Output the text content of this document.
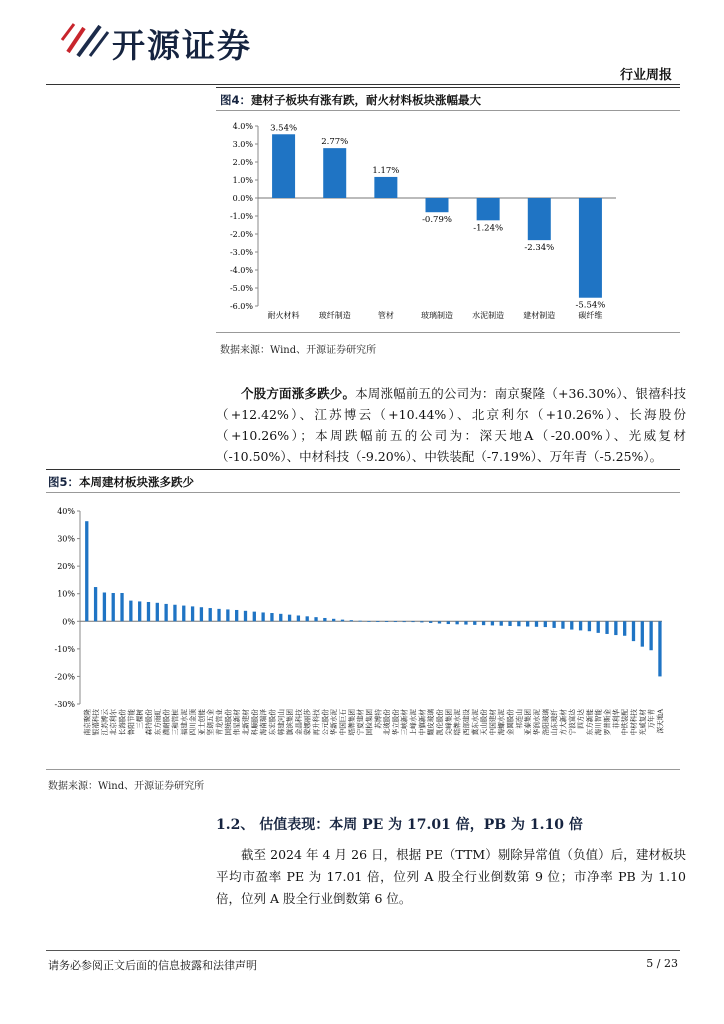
开源证券
行业周报
图4：建材子板块有涨有跌，耐火材料板块涨幅最大
4.0%
3.0%
2.0%
1.0%
0.0%
-1.0%
-2.0%
-3.0%
-4.0%
-5.0%
-6.0%
3.54%
耐火材料
2.77%
玻纤制造
1.17%
管材
-0.79%
玻璃制造
-1.24%
水泥制造
-2.34%
建材制造
-5.54%
碳纤维
数据来源：Wind、开源证券研究所
个股方面涨多跌少。本周涨幅前五的公司为：南京聚隆（+36.30%）、银禧科技（+12.42%）、江苏博云（+10.44%）、北京利尔（+10.26%）、长海股份（+10.26%）；本周跌幅前五的公司为：深天地A（-20.00%）、光威复材（-10.50%）、中材科技（-9.20%）、中铁装配（-7.19%）、万年青（-5.25%）。
图5：本周建材板块涨多跌少
40%
30%
20%
10%
0%
-10%
-20%
-30%
南京聚隆 银禧科技 江苏博云 北京利尔 长海股份 鲁阳节能 三棵树 森特股份 东方雨虹 濮耐股份 三和管桩 福建水泥 四川金顶 亚士创能 坚朗五金 青龙管业 国统股份 伟星新材 北新建材 科顺股份 海南瑞泽 东宏股份 韩建河山 旗滨集团 金晶科技 蒙娜丽莎 再升科技 公元股份 华新水泥 中国巨石 塔牌集团 宁夏建材 国检集团 苏博特 北玻股份 华立股份 三峡新材 上峰水泥 中旗新材 耀皮玻璃 凯伦股份 尖峰集团 塔牌水泥 西部建设 冀东水泥 天山股份 中国建材 海螺水泥 金圆股份 祁连山 亚泰集团 华润水泥 洛阳玻璃 山东玻纤 方大新材 宁波富达 四方达 东方新能 海川智能 罗普斯金 菲利华 中铁装配 中材科技 光威复材 万年青 深天地A
数据来源：Wind、开源证券研究所
1.2、 估值表现：本周 PE 为 17.01 倍，PB 为 1.10 倍
截至 2024 年 4 月 26 日，根据 PE（TTM）剔除异常值（负值）后，建材板块平均市盈率 PE 为 17.01 倍，位列 A 股全行业倒数第 9 位；市净率 PB 为 1.10 倍，位列 A 股全行业倒数第 6 位。
请务必参阅正文后面的信息披露和法律声明	5 / 23
